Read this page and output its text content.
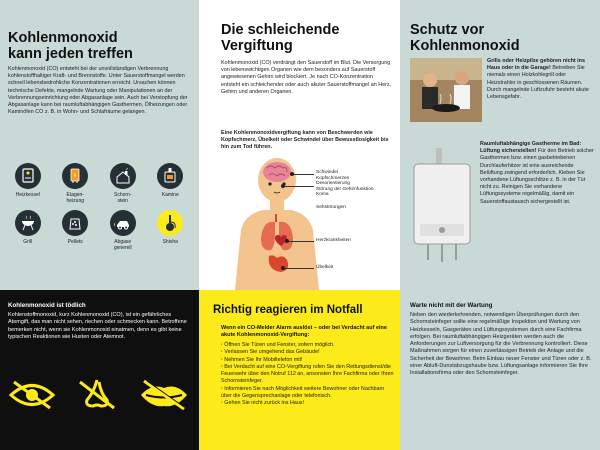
Kohlenmonoxid
kann jeden treffen

Kohlenmonoxid (CO) entsteht bei der unvollständigen Verbrennung kohlenstoffhaltiger Kraft- und Brennstoffe. Unter Sauerstoffmangel werden schnell lebensbedrohliche Konzentrationen erreicht. Ursachen können technische Defekte, mangelnde Wartung oder Manipulationen an der Verbrennungseinrichtung oder Abgasanlage sein. Auch bei Verstopfung der Abgasanlage kann bei raumluftabhängigen Gasthermen, Ölheizungen oder Kaminöfen CO z. B. in Wohn- und Schlafräume gelangen.

Heizkessel	Etagen-
heizung
Schorn-
stein
Kamine
Grill	Pellets	Abgase
generell
Shisha
Die schleichende
Vergiftung

Kohlenmonoxid (CO) verdrängt den Sauerstoff im Blut. Die Versorgung von lebenswichtigen Organen wie dem besonders auf Sauerstoff angewiesenen Gehirn wird blockiert. Je nach CO-Konzentration entsteht ein schleichender oder auch akuter Sauerstoffmangel an Herz, Gehirn und anderen Organen.

Eine Kohlenmonoxidvergiftung kann von Beschwerden wie Kopfschmerz, Übelkeit oder Schwindel über Bewusstlosigkeit bis hin zum Tod führen.

Schwindel
Kopfschmerzen
Desorientierung
Störung der Gehirnfunktion
Koma
Sehstörungen
Herzkrankheiten
Übelkeit
Schutz vor
Kohlenmonoxid

Grills oder Heizpilze gehören nicht ins Haus oder in die Garage! Betreiben Sie niemals einen Holzkohlegrill oder Heizstrahler in geschlossenen Räumen. Durch mangelnde Luftzufuhr besteht akute Lebensgefahr.

Raumluftabhängige Gastherme im Bad: Lüftung sicherstellen! Für den Betrieb solcher Gasthermen bzw. einen gasbetriebenen Durchlauferhitzer ist eine ausreichende Belüftung zwingend erforderlich. Kleben Sie vorhandene Lüftungsschlitze z. B. in der Tür nicht zu. Reinigen Sie vorhandene Lüftungssysteme regelmäßig, damit ein Sauerstoffaustausch sichergestellt ist.

Kohlenmonoxid ist tödlich

Kohlenstoffmonoxid, kurz Kohlenmonoxid (CO), ist ein gefährliches Atemgift, das man nicht sehen, riechen oder schmecken kann. Betroffene bemerken nicht, wenn sie Kohlenmonoxid einatmen, denn es gibt keine typischen Reaktionen wie Husten oder Atemnot.

Richtig reagieren im Notfall

Wenn ein CO-Melder Alarm auslöst – oder bei Verdacht auf eine akute Kohlenmonoxid-Vergiftung:

· Öffnen Sie Türen und Fenster, sofern möglich.
· Verlassen Sie umgehend das Gebäude!
· Nehmen Sie Ihr Mobiltelefon mit!
· Bei Verdacht auf eine CO-Vergiftung rufen Sie den Rettungsdienst/die Feuerwehr über den Notruf 112 an, ansonsten Ihre Fachfirma oder Ihren Schornsteinfeger.
· Informieren Sie nach Möglichkeit weitere Bewohner oder Nachbarn über die Gegensprechanlage oder telefonisch.
· Gehen Sie nicht zurück ins Haus!
Warte nicht mit der Wartung

Neben den wiederkehrenden, notwendigen Überprüfungen durch den Schornsteinfeger sollte eine regelmäßige Inspektion und Wartung von Heizkesseln, Gasgeräten und Lüftungssystemen durch eine Fachfirma erfolgen. Bei raumluftabhängigen Heizgeräten werden auch die Anforderungen zur Luftversorgung für die Verbrennung kontrolliert. Diese Maßnahmen sorgen für einen zuverlässigen Betrieb der Anlage und die Sicherheit der Bewohner. Beim Einbau neuer Fenster und Türen oder z. B. einer Abluft-Dunstabzugshaube bzw. Lüftungsanlage informieren Sie Ihre Installationsfirma oder den Schornsteinfeger.
